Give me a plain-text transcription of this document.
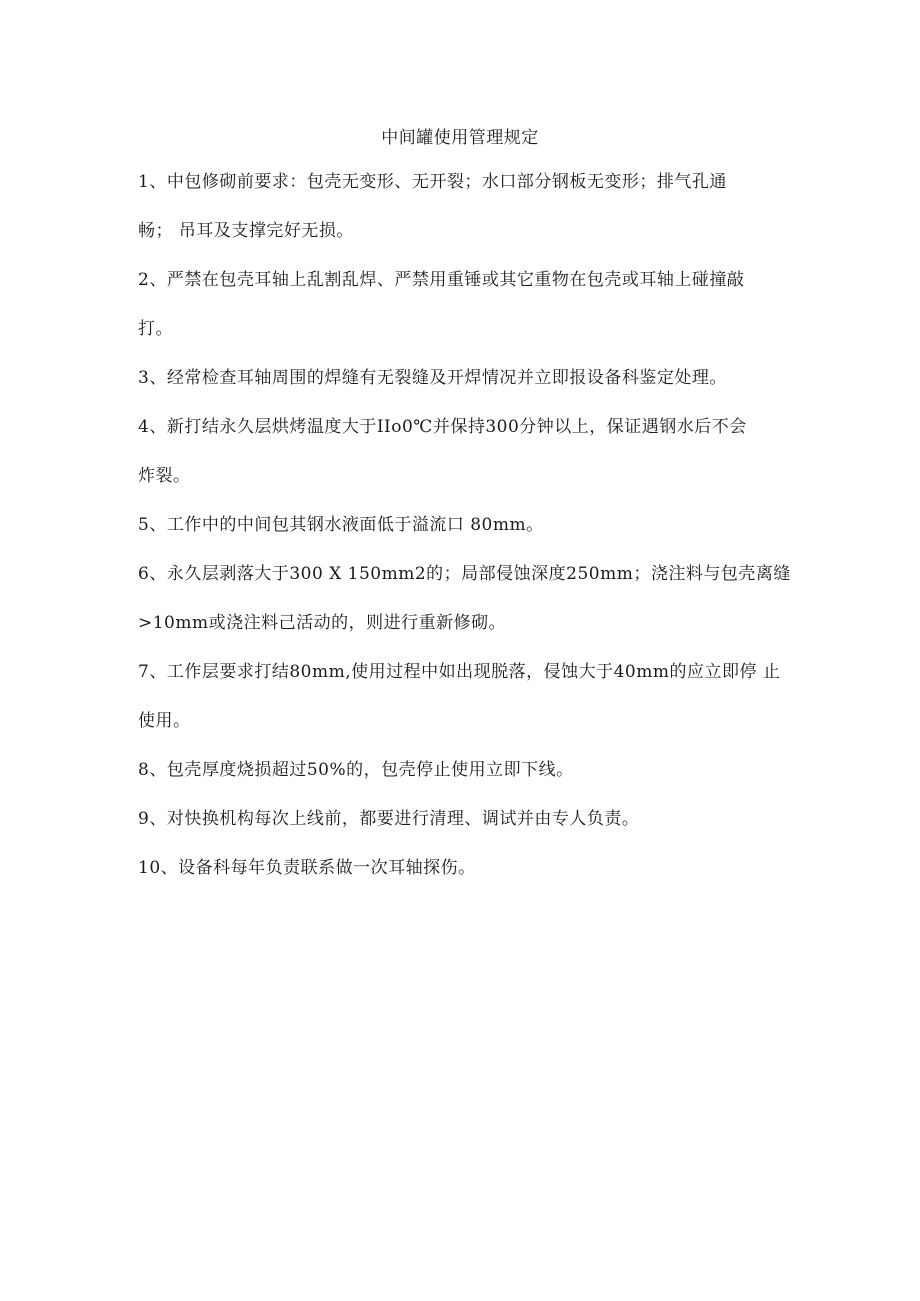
中间罐使用管理规定
1、中包修砌前要求：包壳无变形、无开裂；水口部分钢板无变形；排气孔通
畅； 吊耳及支撑完好无损。
2、严禁在包壳耳轴上乱割乱焊、严禁用重锤或其它重物在包壳或耳轴上碰撞敲
打。
3、经常检查耳轴周围的焊缝有无裂缝及开焊情况并立即报设备科鉴定处理。
4、新打结永久层烘烤温度大于IIo0℃并保持300分钟以上，保证遇钢水后不会
炸裂。
5、工作中的中间包其钢水液面低于溢流口 80mm。
6、永久层剥落大于300 X 150mm2的；局部侵蚀深度250mm；浇注料与包壳离缝
>10mm或浇注料己活动的，则进行重新修砌。
7、工作层要求打结80mm,使用过程中如出现脱落，侵蚀大于40mm的应立即停 止
使用。
8、包壳厚度烧损超过50%的，包壳停止使用立即下线。
9、对快换机构每次上线前，都要进行清理、调试并由专人负责。
10、设备科每年负责联系做一次耳轴探伤。
